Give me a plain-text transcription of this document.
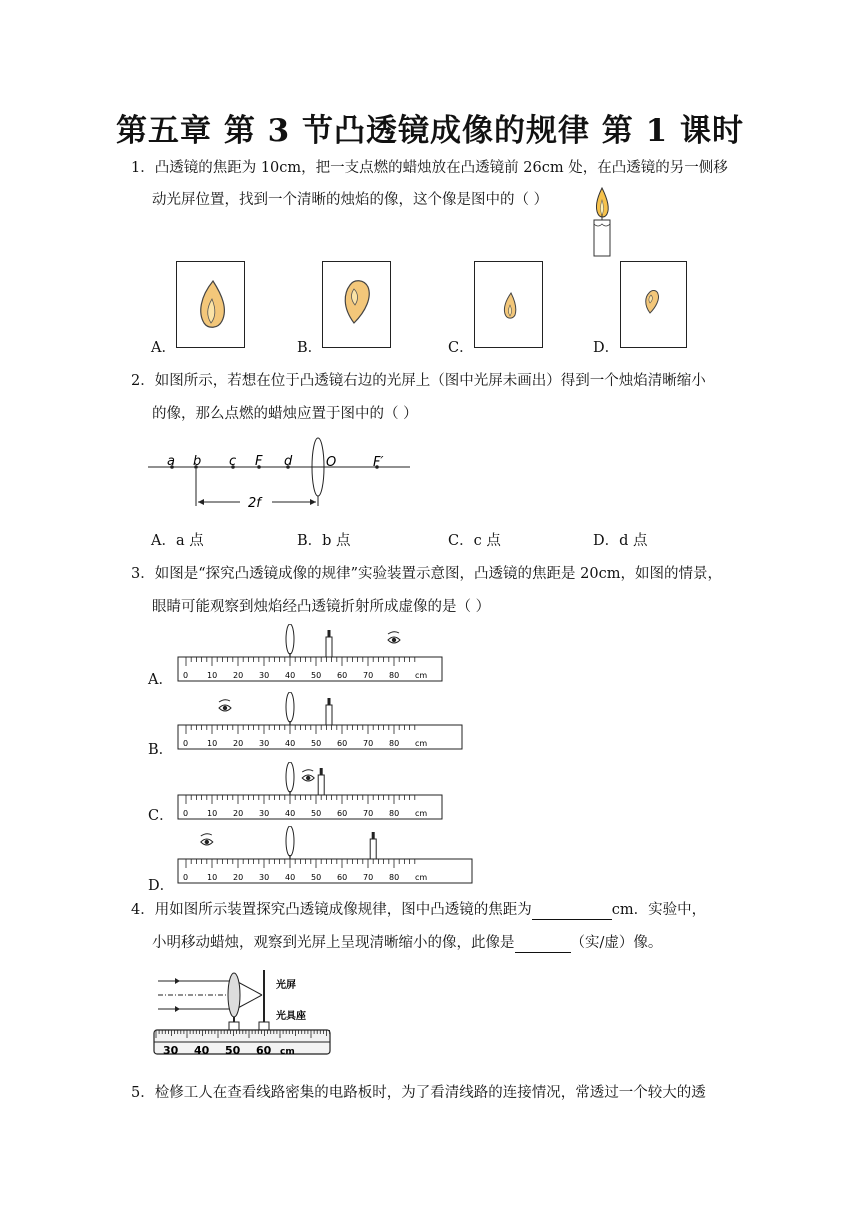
第五章 第 3 节凸透镜成像的规律 第 1 课时
1．凸透镜的焦距为 10cm，把一支点燃的蜡烛放在凸透镜前 26cm 处，在凸透镜的另一侧移
动光屏位置，找到一个清晰的烛焰的像，这个像是图中的（ ）
A．	B．	C．	D．
2．如图所示，若想在位于凸透镜右边的光屏上（图中光屏未画出）得到一个烛焰清晰缩小
的像，那么点燃的蜡烛应置于图中的（ ）
a b c F d	O	F′
2f
A．a 点	B．b 点	C．c 点	D．d 点
3．如图是“探究凸透镜成像的规律”实验装置示意图，凸透镜的焦距是 20cm，如图的情景，
眼睛可能观察到烛焰经凸透镜折射所成虚像的是（ ）
0 10 20 30 40 50 60 70 80 cm
0 10 20 30 40 50 60 70 80 cm
0 10 20 30 40 50 60 70 80 cm
0 10 20 30 40 50 60 70 80 cm
A．
B．
C．
D．
4．用如图所示装置探究凸透镜成像规律，图中凸透镜的焦距为	cm．实验中，
小明移动蜡烛，观察到光屏上呈现清晰缩小的像，此像是	（实/虚）像。
光屏
光具座
30 40 50 60 cm
5．检修工人在查看线路密集的电路板时，为了看清线路的连接情况，常透过一个较大的透
